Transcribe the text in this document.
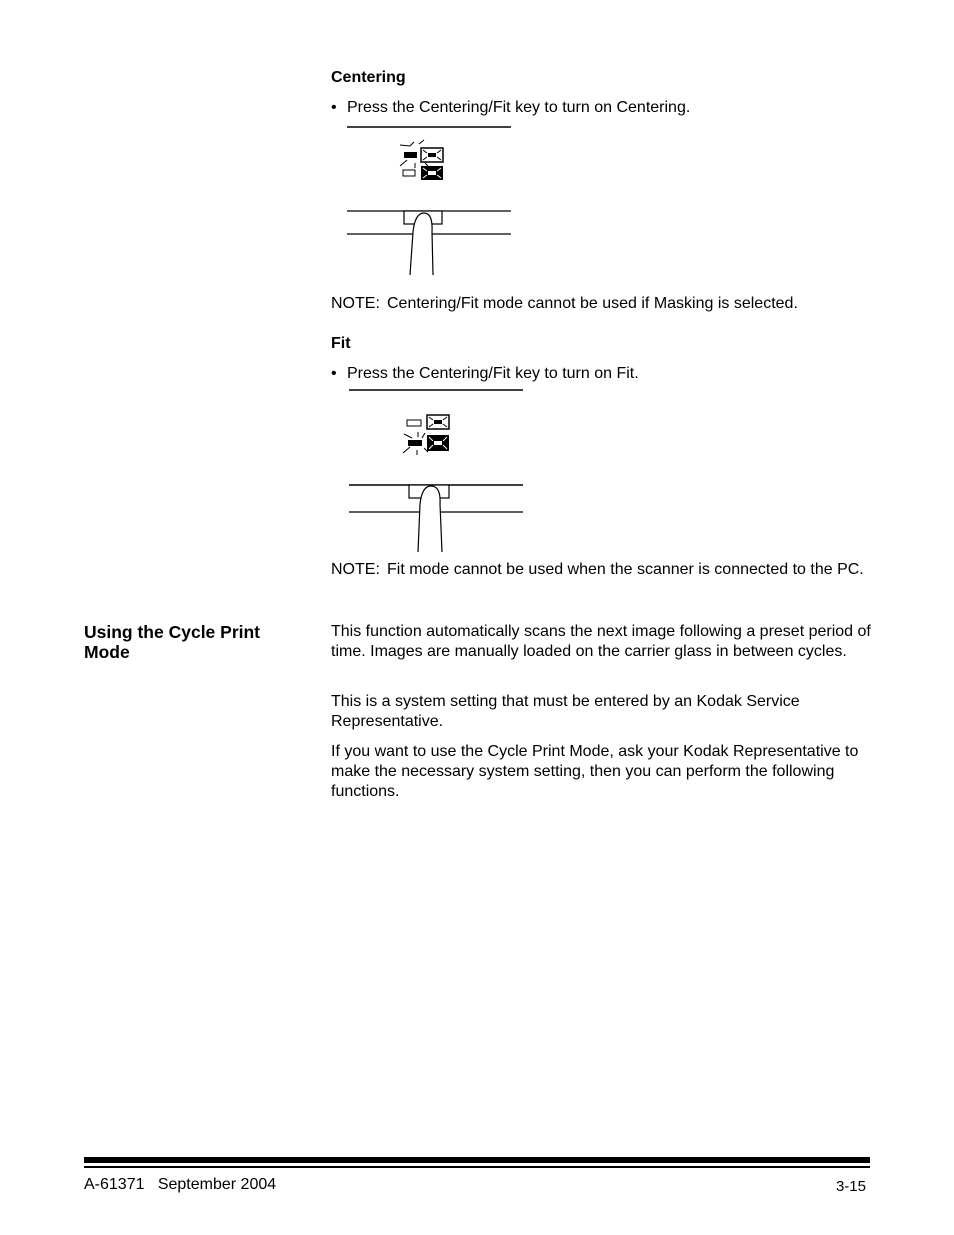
Centering
• Press the Centering/Fit key to turn on Centering.
NOTE: Centering/Fit mode cannot be used if Masking is selected.
Fit
• Press the Centering/Fit key to turn on Fit.
NOTE: Fit mode cannot be used when the scanner is connected to the PC.
Using the Cycle Print Mode
This function automatically scans the next image following a preset period of time. Images are manually loaded on the carrier glass in between cycles.
This is a system setting that must be entered by an Kodak Service Representative.
If you want to use the Cycle Print Mode, ask your Kodak Representative to make the necessary system setting, then you can perform the following functions.
A-61371   September 2004	3-15
